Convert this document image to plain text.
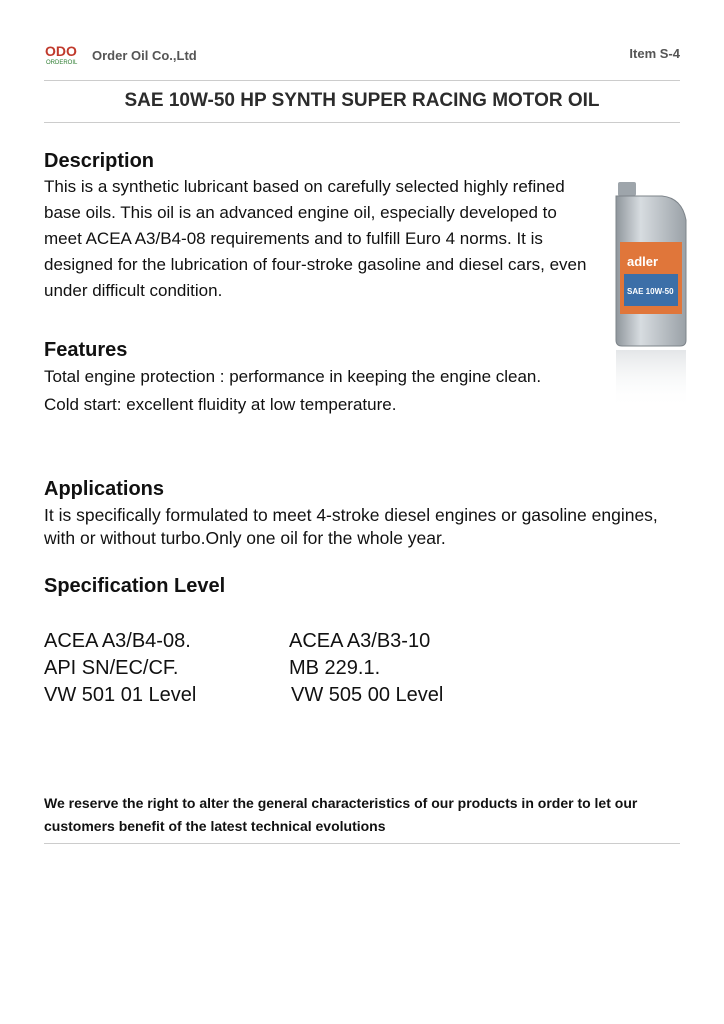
ODO
ORDEROIL Order Oil Co.,Ltd	Item S-4
SAE 10W-50 HP SYNTH SUPER RACING MOTOR OIL
Description

This is a synthetic lubricant based on carefully selected highly refined base oils. This oil is an advanced engine oil, especially developed to meet ACEA A3/B4-08 requirements and to fulfill Euro 4 norms. It is designed for the lubrication of four-stroke gasoline and diesel cars, even under difficult condition.

adler
SAE 10W-50
Features
Total engine protection : performance in keeping the engine clean.
Cold start: excellent fluidity at low temperature.
Applications

It is specifically formulated to meet 4-stroke diesel engines or gasoline engines, with or without turbo.Only one oil for the whole year.

Specification Level
ACEA A3/B4-08.
API SN/EC/CF.
VW 501 01 Level
ACEA A3/B3-10
MB 229.1.
VW 505 00 Level

We reserve the right to alter the general characteristics of our products in order to let our customers benefit of the latest technical evolutions
